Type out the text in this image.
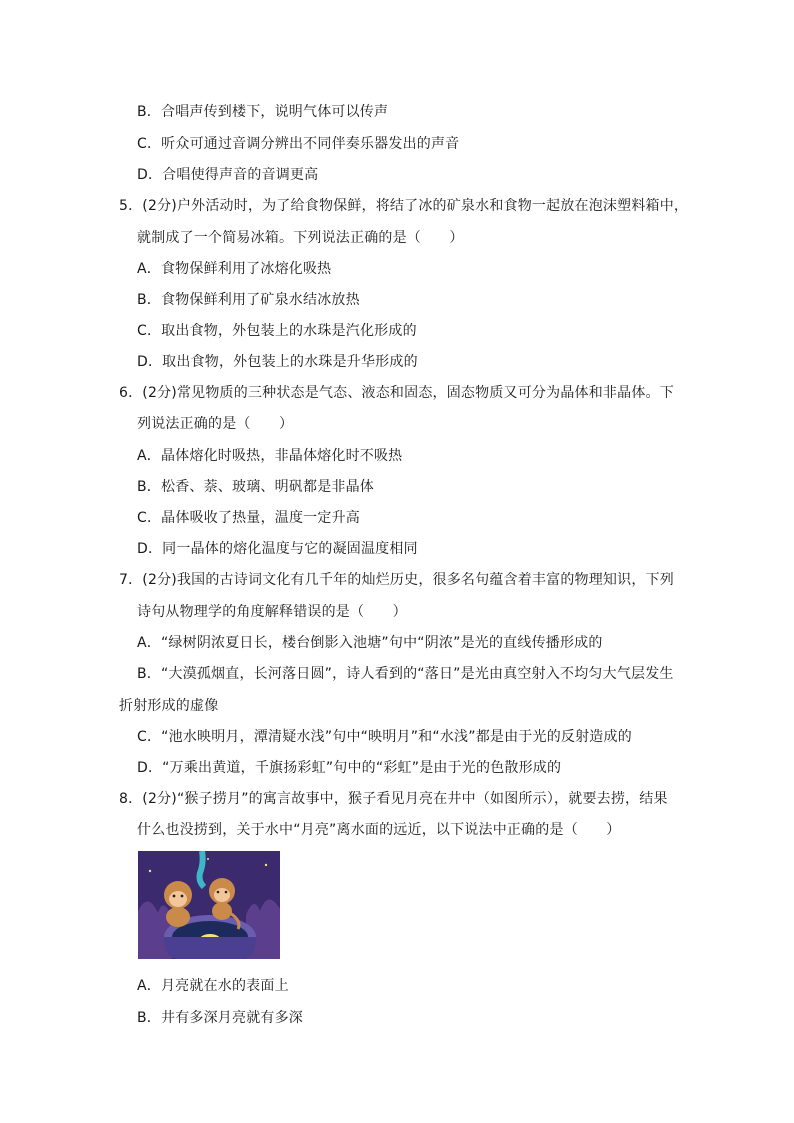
B．合唱声传到楼下，说明气体可以传声
C．听众可通过音调分辨出不同伴奏乐器发出的声音
D．合唱使得声音的音调更高
5．(2分)户外活动时，为了给食物保鲜，将结了冰的矿泉水和食物一起放在泡沫塑料箱中，
就制成了一个简易冰箱。下列说法正确的是（　　）
A．食物保鲜利用了冰熔化吸热
B．食物保鲜利用了矿泉水结冰放热
C．取出食物，外包装上的水珠是汽化形成的
D．取出食物，外包装上的水珠是升华形成的
6．(2分)常见物质的三种状态是气态、液态和固态，固态物质又可分为晶体和非晶体。下
列说法正确的是（　　）
A．晶体熔化时吸热，非晶体熔化时不吸热
B．松香、萘、玻璃、明矾都是非晶体
C．晶体吸收了热量，温度一定升高
D．同一晶体的熔化温度与它的凝固温度相同
7．(2分)我国的古诗词文化有几千年的灿烂历史，很多名句蕴含着丰富的物理知识，下列
诗句从物理学的角度解释错误的是（　　）
A．“绿树阴浓夏日长，楼台倒影入池塘”句中“阴浓”是光的直线传播形成的
B．“大漠孤烟直，长河落日圆”，诗人看到的“落日”是光由真空射入不均匀大气层发生
折射形成的虚像
C．“池水映明月，潭清疑水浅”句中“映明月”和“水浅”都是由于光的反射造成的
D．“万乘出黄道，千旗扬彩虹”句中的“彩虹”是由于光的色散形成的
8．(2分)“猴子捞月”的寓言故事中，猴子看见月亮在井中（如图所示），就要去捞，结果
什么也没捞到，关于水中“月亮”离水面的远近，以下说法中正确的是（　　）
A．月亮就在水的表面上
B．井有多深月亮就有多深
